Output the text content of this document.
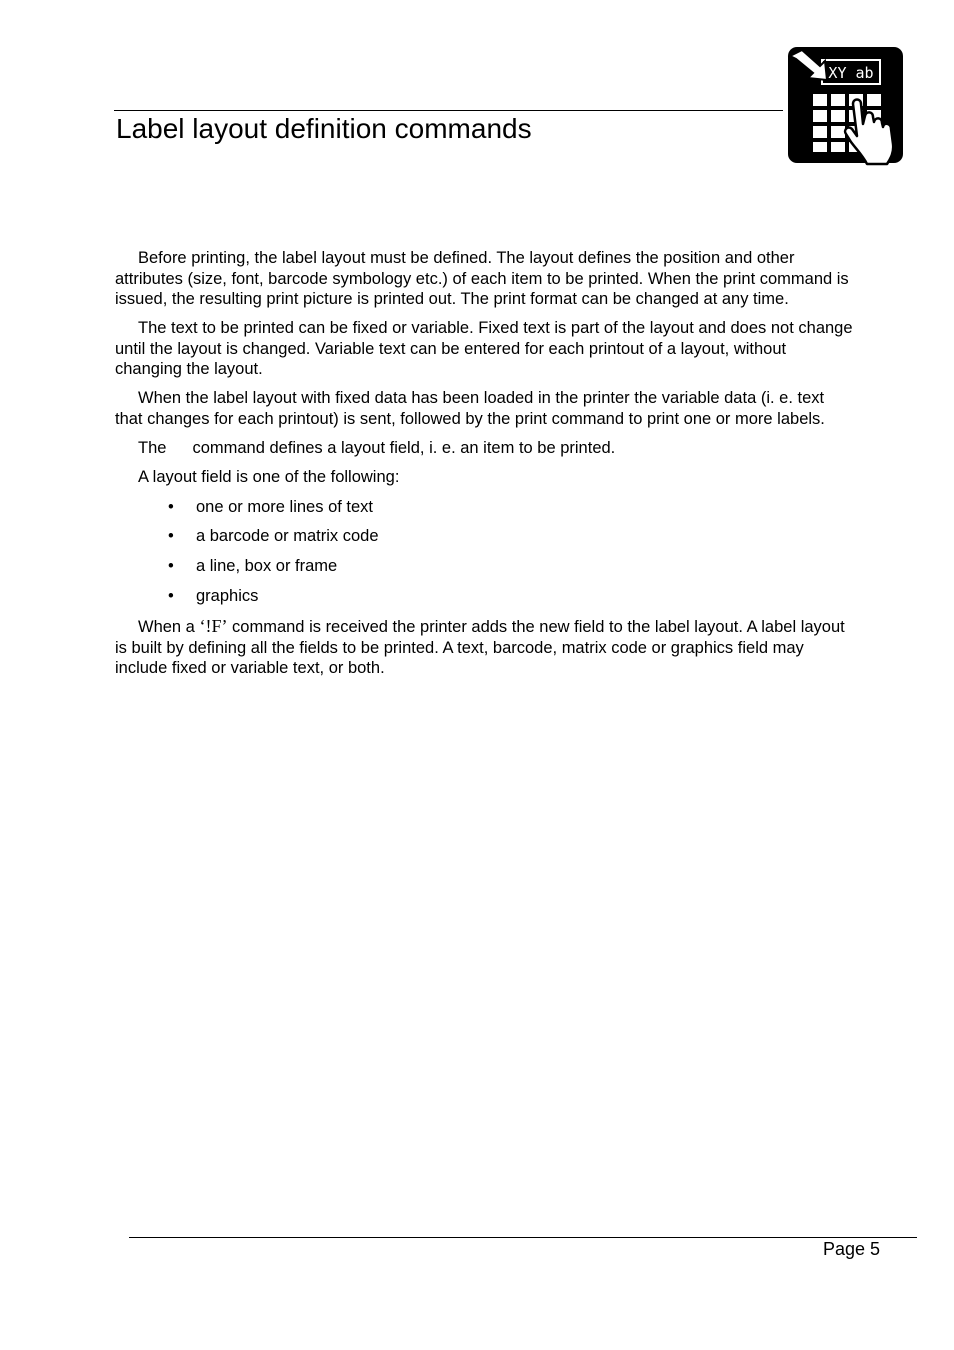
Label layout definition commands
XY ab

Before printing, the label layout must be defined. The layout defines the position and other attributes (size, font, barcode symbology etc.) of each item to be printed. When the print command is issued, the resulting print picture is printed out. The print format can be changed at any time.

The text to be printed can be fixed or variable. Fixed text is part of the layout and does not change until the layout is changed. Variable text can be entered for each printout of a layout, without changing the layout.

When the label layout with fixed data has been loaded in the printer the variable data (i. e. text that changes for each printout) is sent, followed by the print command to print one or more labels.

The command defines a layout field, i. e. an item to be printed.

A layout field is one of the following:

• one or more lines of text
• a barcode or matrix code
• a line, box or frame
• graphics

When a ‘!F’ command is received the printer adds the new field to the label layout. A label layout is built by defining all the fields to be printed. A text, barcode, matrix code or graphics field may include fixed or variable text, or both.

Page 5
